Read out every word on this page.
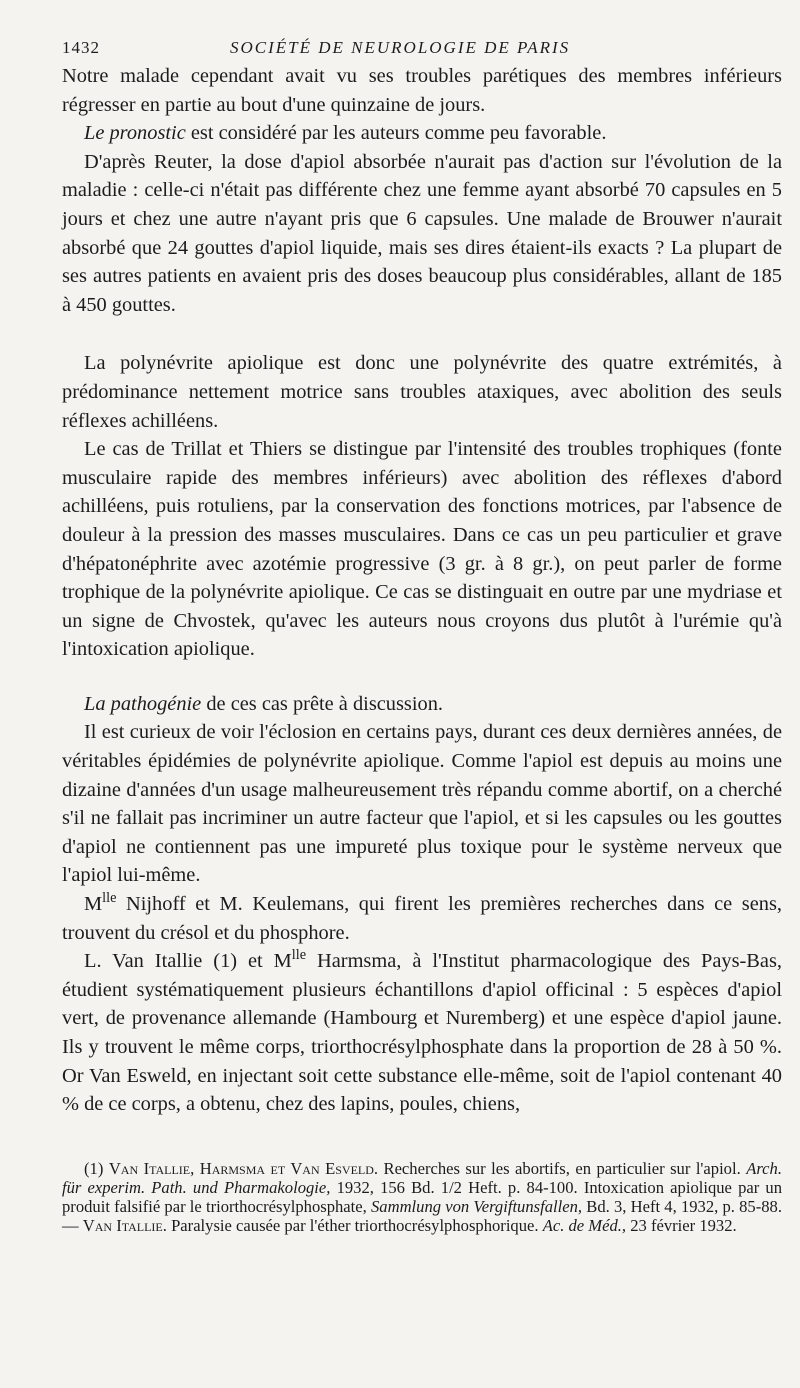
1432	SOCIÉTÉ DE NEUROLOGIE DE PARIS

Notre malade cependant avait vu ses troubles parétiques des membres inférieurs régresser en partie au bout d'une quinzaine de jours.

Le pronostic est considéré par les auteurs comme peu favorable.

D'après Reuter, la dose d'apiol absorbée n'aurait pas d'action sur l'évolution de la maladie : celle-ci n'était pas différente chez une femme ayant absorbé 70 capsules en 5 jours et chez une autre n'ayant pris que 6 capsules. Une malade de Brouwer n'aurait absorbé que 24 gouttes d'apiol liquide, mais ses dires étaient-ils exacts ? La plupart de ses autres patients en avaient pris des doses beaucoup plus considérables, allant de 185 à 450 gouttes.

La polynévrite apiolique est donc une polynévrite des quatre extrémités, à prédominance nettement motrice sans troubles ataxiques, avec abolition des seuls réflexes achilléens.

Le cas de Trillat et Thiers se distingue par l'intensité des troubles trophiques (fonte musculaire rapide des membres inférieurs) avec abolition des réflexes d'abord achilléens, puis rotuliens, par la conservation des fonctions motrices, par l'absence de douleur à la pression des masses musculaires. Dans ce cas un peu particulier et grave d'hépatonéphrite avec azotémie progressive (3 gr. à 8 gr.), on peut parler de forme trophique de la polynévrite apiolique. Ce cas se distinguait en outre par une mydriase et un signe de Chvostek, qu'avec les auteurs nous croyons dus plutôt à l'urémie qu'à l'intoxication apiolique.

La pathogénie de ces cas prête à discussion.

Il est curieux de voir l'éclosion en certains pays, durant ces deux dernières années, de véritables épidémies de polynévrite apiolique. Comme l'apiol est depuis au moins une dizaine d'années d'un usage malheureusement très répandu comme abortif, on a cherché s'il ne fallait pas incriminer un autre facteur que l'apiol, et si les capsules ou les gouttes d'apiol ne contiennent pas une impureté plus toxique pour le système nerveux que l'apiol lui-même.

$M^{lle}$ Nijhoff et M. Keulemans, qui firent les premières recherches dans ce sens, trouvent du crésol et du phosphore.

L. Van Itallie (1) et $M^{lle}$ Harmsma, à l'Institut pharmacologique des Pays-Bas, étudient systématiquement plusieurs échantillons d'apiol officinal : 5 espèces d'apiol vert, de provenance allemande (Hambourg et Nuremberg) et une espèce d'apiol jaune. Ils y trouvent le même corps, triorthocrésylphosphate dans la proportion de 28 à 50 %. Or Van Esweld, en injectant soit cette substance elle-même, soit de l'apiol contenant 40 % de ce corps, a obtenu, chez des lapins, poules, chiens,

(1) Van Itallie, Harmsma et Van Esveld. Recherches sur les abortifs, en particulier sur l'apiol. Arch. für experim. Path. und Pharmakologie, 1932, 156 Bd. 1/2 Heft. p. 84-100. Intoxication apiolique par un produit falsifié par le triorthocrésylphosphate, Sammlung von Vergiftunsfallen, Bd. 3, Heft 4, 1932, p. 85-88. — Van Itallie. Paralysie causée par l'éther triorthocrésylphosphorique. Ac. de Méd., 23 février 1932.
